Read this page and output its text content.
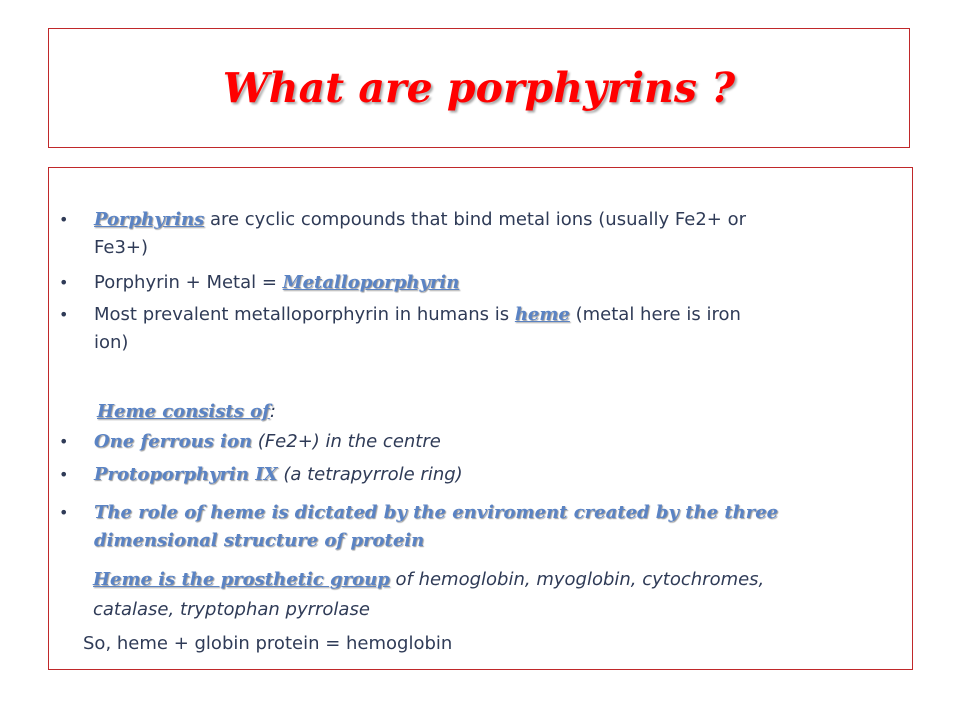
What are porphyrins ?
• Porphyrins are cyclic compounds that bind metal ions (usually Fe2+ or
Fe3+)
• Porphyrin + Metal = Metalloporphyrin
• Most prevalent metalloporphyrin in humans is heme (metal here is iron
ion)
Heme consists of:
• One ferrous ion (Fe2+) in the centre
• Protoporphyrin IX (a tetrapyrrole ring)
• The role of heme is dictated by the enviroment created by the three
dimensional structure of protein
Heme is the prosthetic group of hemoglobin, myoglobin, cytochromes,
catalase, tryptophan pyrrolase
So, heme + globin protein = hemoglobin
